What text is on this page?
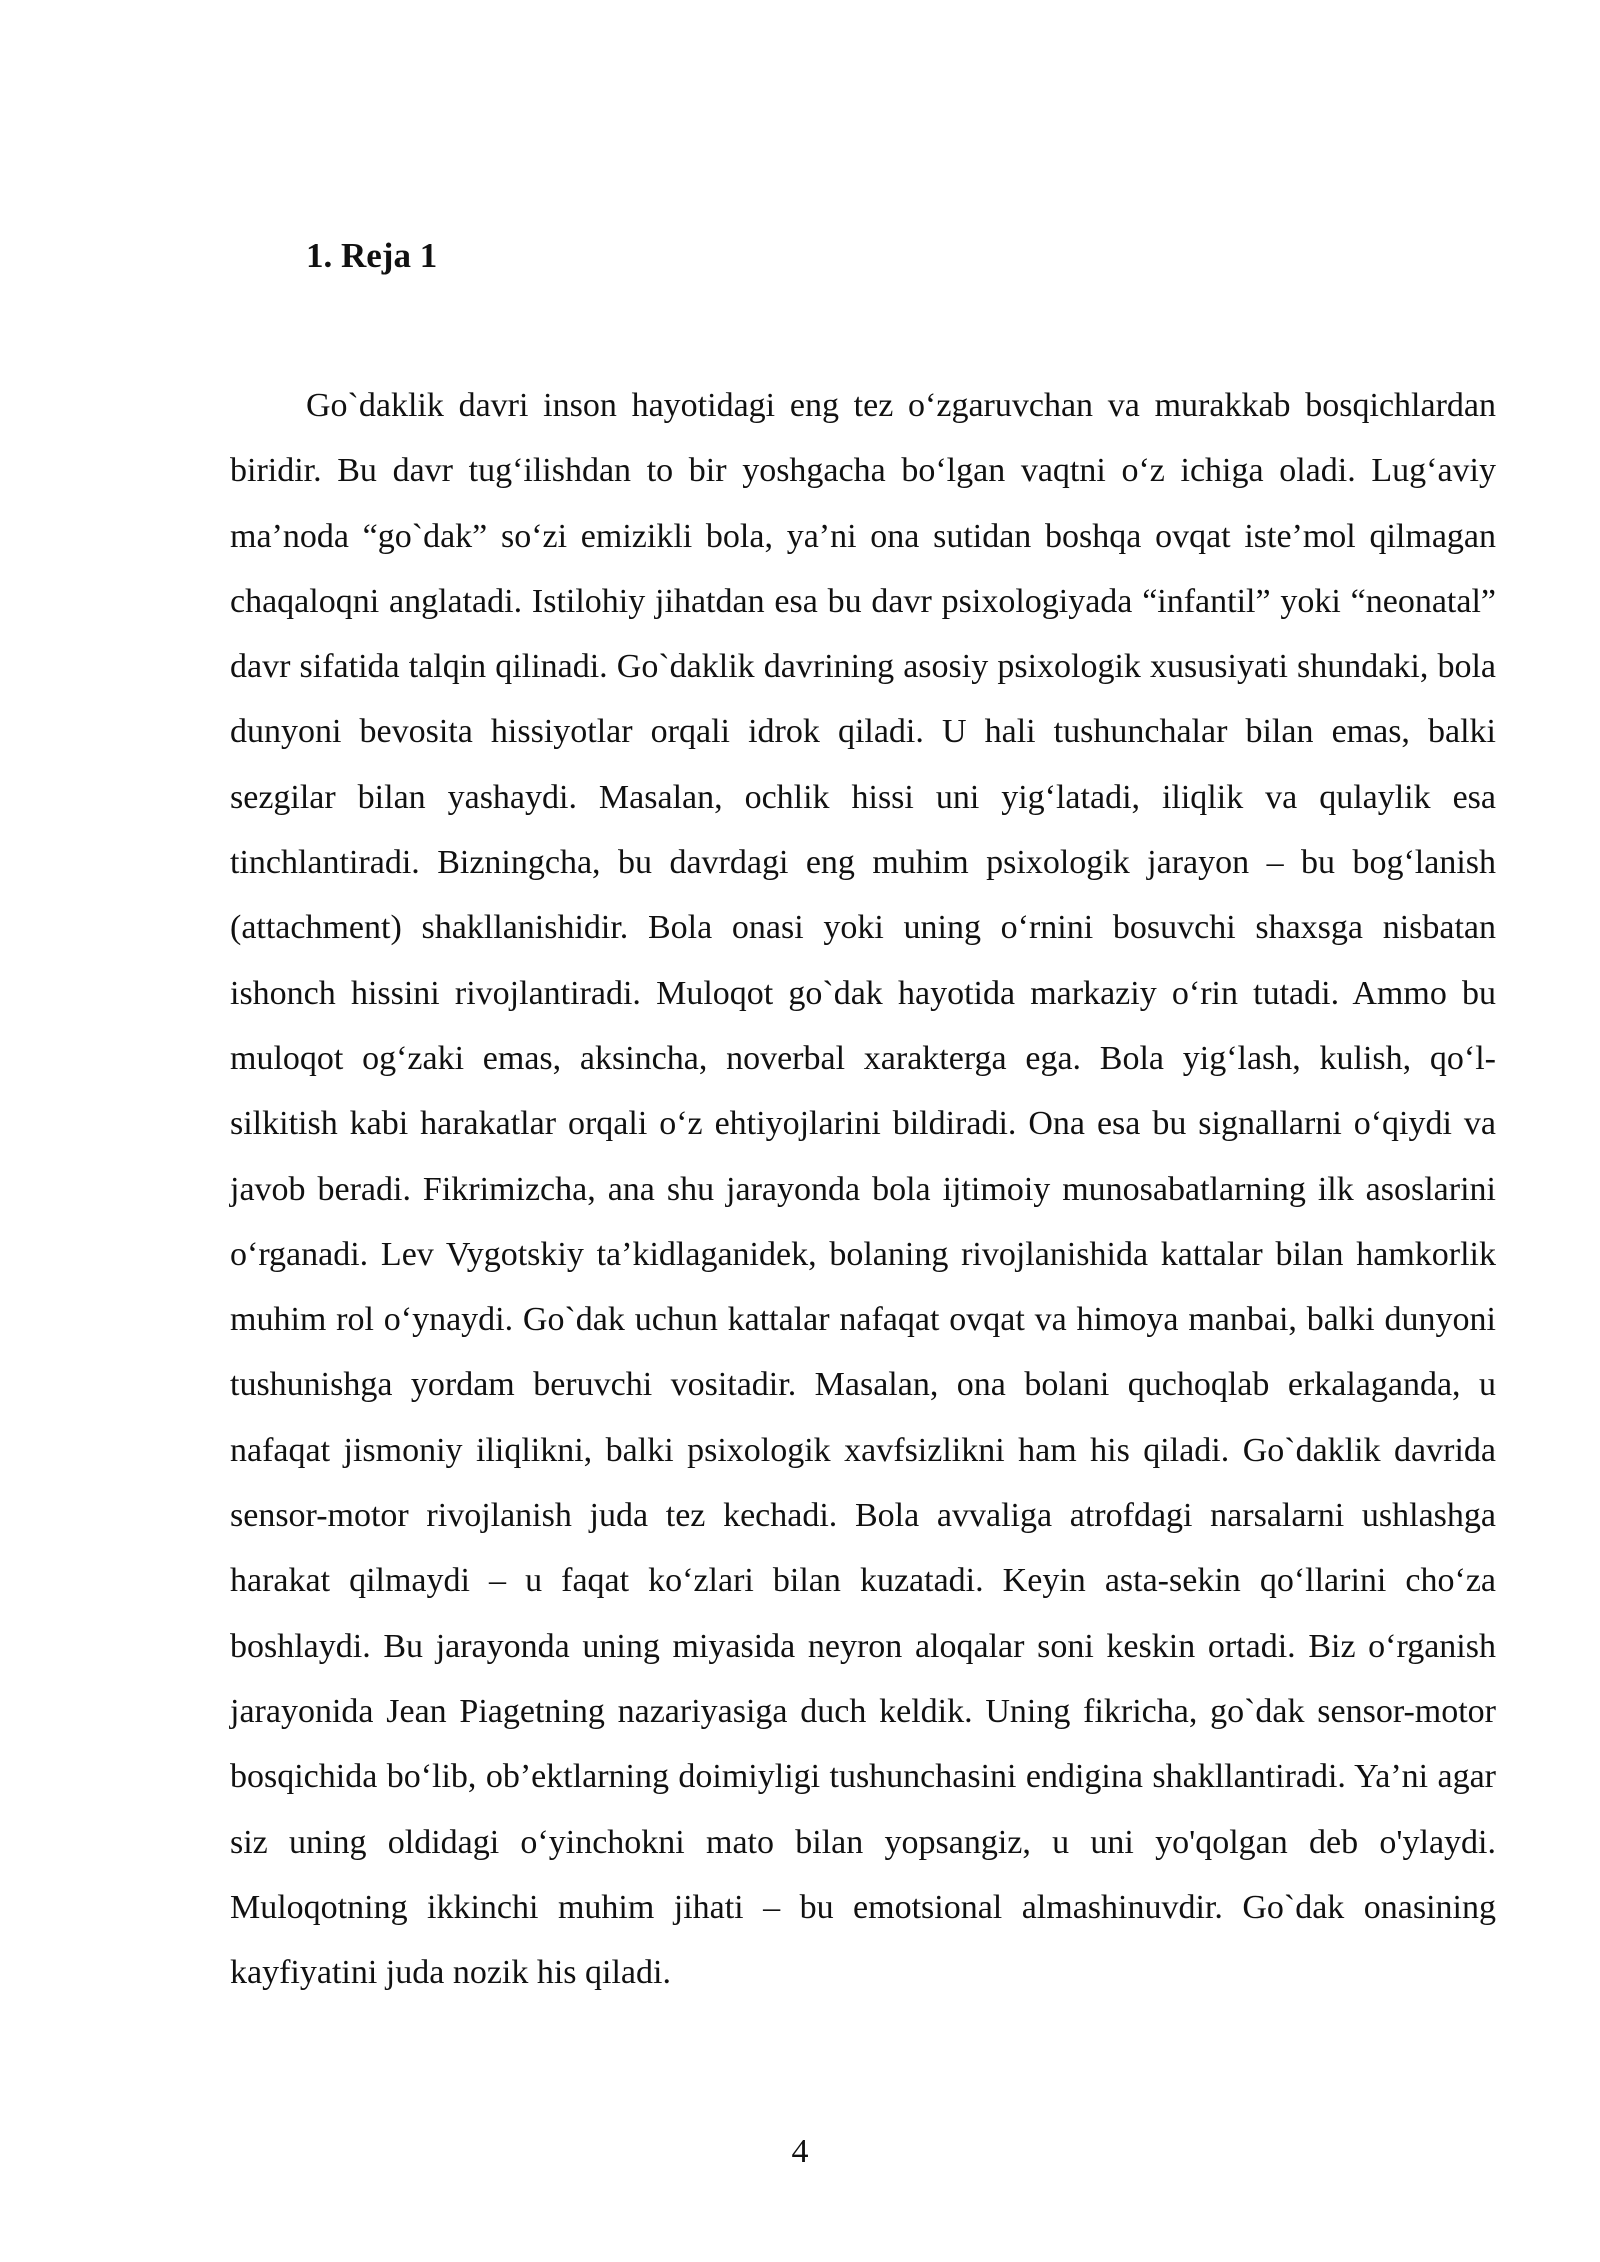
1. Reja 1

Go`daklik davri inson hayotidagi eng tez o‘zgaruvchan va murakkab bosqichlardan biridir. Bu davr tug‘ilishdan to bir yoshgacha bo‘lgan vaqtni o‘z ichiga oladi. Lug‘aviy ma’noda “go`dak” so‘zi emizikli bola, ya’ni ona sutidan boshqa ovqat iste’mol qilmagan chaqaloqni anglatadi. Istilohiy jihatdan esa bu davr psixologiyada “infantil” yoki “neonatal” davr sifatida talqin qilinadi. Go`daklik davrining asosiy psixologik xususiyati shundaki, bola dunyoni bevosita hissiyotlar orqali idrok qiladi. U hali tushunchalar bilan emas, balki sezgilar bilan yashaydi. Masalan, ochlik hissi uni yig‘latadi, iliqlik va qulaylik esa tinchlantiradi. Bizningcha, bu davrdagi eng muhim psixologik jarayon – bu bog‘lanish (attachment) shakllanishidir. Bola onasi yoki uning o‘rnini bosuvchi shaxsga nisbatan ishonch hissini rivojlantiradi. Muloqot go`dak hayotida markaziy o‘rin tutadi. Ammo bu muloqot og‘zaki emas, aksincha, noverbal xarakterga ega. Bola yig‘lash, kulish, qo‘l-silkitish kabi harakatlar orqali o‘z ehtiyojlarini bildiradi. Ona esa bu signallarni o‘qiydi va javob beradi. Fikrimizcha, ana shu jarayonda bola ijtimoiy munosabatlarning ilk asoslarini o‘rganadi. Lev Vygotskiy ta’kidlaganidek, bolaning rivojlanishida kattalar bilan hamkorlik muhim rol o‘ynaydi. Go`dak uchun kattalar nafaqat ovqat va himoya manbai, balki dunyoni tushunishga yordam beruvchi vositadir. Masalan, ona bolani quchoqlab erkalaganda, u nafaqat jismoniy iliqlikni, balki psixologik xavfsizlikni ham his qiladi. Go`daklik davrida sensor-motor rivojlanish juda tez kechadi. Bola avvaliga atrofdagi narsalarni ushlashga harakat qilmaydi – u faqat ko‘zlari bilan kuzatadi. Keyin asta-sekin qo‘llarini cho‘za boshlaydi. Bu jarayonda uning miyasida neyron aloqalar soni keskin ortadi. Biz o‘rganish jarayonida Jean Piagetning nazariyasiga duch keldik. Uning fikricha, go`dak sensor-motor bosqichida bo‘lib, ob’ektlarning doimiyligi tushunchasini endigina shakllantiradi. Ya’ni agar siz uning oldidagi o‘yinchokni mato bilan yopsangiz, u uni yo'qolgan deb o'ylaydi. Muloqotning ikkinchi muhim jihati – bu emotsional almashinuvdir. Go`dak onasining kayfiyatini juda nozik his qiladi.

4
